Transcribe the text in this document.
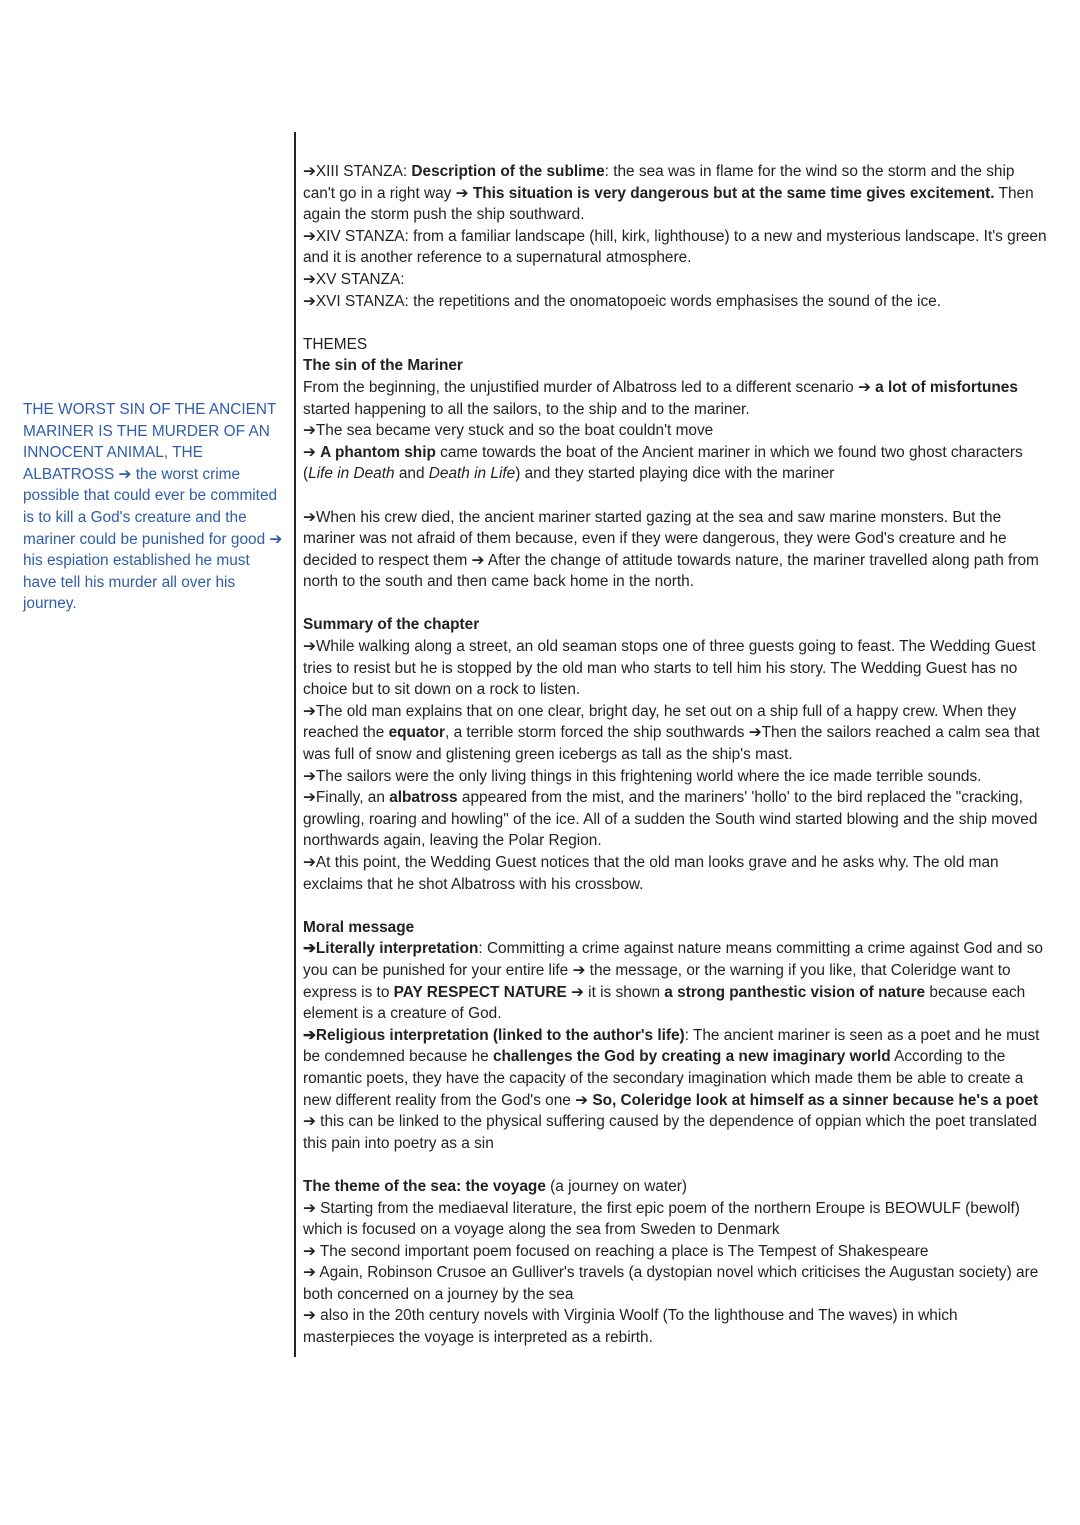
THE WORST SIN OF THE ANCIENT MARINER IS THE MURDER OF AN INNOCENT ANIMAL, THE ALBATROSS ➔ the worst crime possible that could ever be commited is to kill a God's creature and the mariner could be punished for good ➔ his espiation established he must have tell his murder all over his journey.

➔XIII STANZA: Description of the sublime: the sea was in flame for the wind so the storm and the ship can't go in a right way ➔ This situation is very dangerous but at the same time gives excitement. Then again the storm push the ship southward.

➔XIV STANZA: from a familiar landscape (hill, kirk, lighthouse) to a new and mysterious landscape. It's green and it is another reference to a supernatural atmosphere.

➔XV STANZA:

➔XVI STANZA: the repetitions and the onomatopoeic words emphasises the sound of the ice.

THEMES

The sin of the Mariner

From the beginning, the unjustified murder of Albatross led to a different scenario ➔ a lot of misfortunes started happening to all the sailors, to the ship and to the mariner.

➔The sea became very stuck and so the boat couldn't move

➔ A phantom ship came towards the boat of the Ancient mariner in which we found two ghost characters (Life in Death and Death in Life) and they started playing dice with the mariner

➔When his crew died, the ancient mariner started gazing at the sea and saw marine monsters. But the mariner was not afraid of them because, even if they were dangerous, they were God's creature and he decided to respect them ➔ After the change of attitude towards nature, the mariner travelled along path from north to the south and then came back home in the north.

Summary of the chapter

➔While walking along a street, an old seaman stops one of three guests going to feast. The Wedding Guest tries to resist but he is stopped by the old man who starts to tell him his story. The Wedding Guest has no choice but to sit down on a rock to listen.

➔The old man explains that on one clear, bright day, he set out on a ship full of a happy crew. When they reached the equator, a terrible storm forced the ship southwards ➔Then the sailors reached a calm sea that was full of snow and glistening green icebergs as tall as the ship's mast.

➔The sailors were the only living things in this frightening world where the ice made terrible sounds.

➔Finally, an albatross appeared from the mist, and the mariners' 'hollo' to the bird replaced the "cracking, growling, roaring and howling" of the ice. All of a sudden the South wind started blowing and the ship moved northwards again, leaving the Polar Region.

➔At this point, the Wedding Guest notices that the old man looks grave and he asks why. The old man exclaims that he shot Albatross with his crossbow.

Moral message

➔Literally interpretation: Committing a crime against nature means committing a crime against God and so you can be punished for your entire life ➔ the message, or the warning if you like, that Coleridge want to express is to PAY RESPECT NATURE ➔ it is shown a strong panthestic vision of nature because each element is a creature of God.

➔Religious interpretation (linked to the author's life): The ancient mariner is seen as a poet and he must be condemned because he challenges the God by creating a new imaginary world According to the romantic poets, they have the capacity of the secondary imagination which made them be able to create a new different reality from the God's one ➔ So, Coleridge look at himself as a sinner because he's a poet ➔ this can be linked to the physical suffering caused by the dependence of oppian which the poet translated this pain into poetry as a sin

The theme of the sea: the voyage (a journey on water)

➔ Starting from the mediaeval literature, the first epic poem of the northern Eroupe is BEOWULF (bewolf) which is focused on a voyage along the sea from Sweden to Denmark

➔ The second important poem focused on reaching a place is The Tempest of Shakespeare

➔ Again, Robinson Crusoe an Gulliver's travels (a dystopian novel which criticises the Augustan society) are both concerned on a journey by the sea

➔ also in the 20th century novels with Virginia Woolf (To the lighthouse and The waves) in which masterpieces the voyage is interpreted as a rebirth.
